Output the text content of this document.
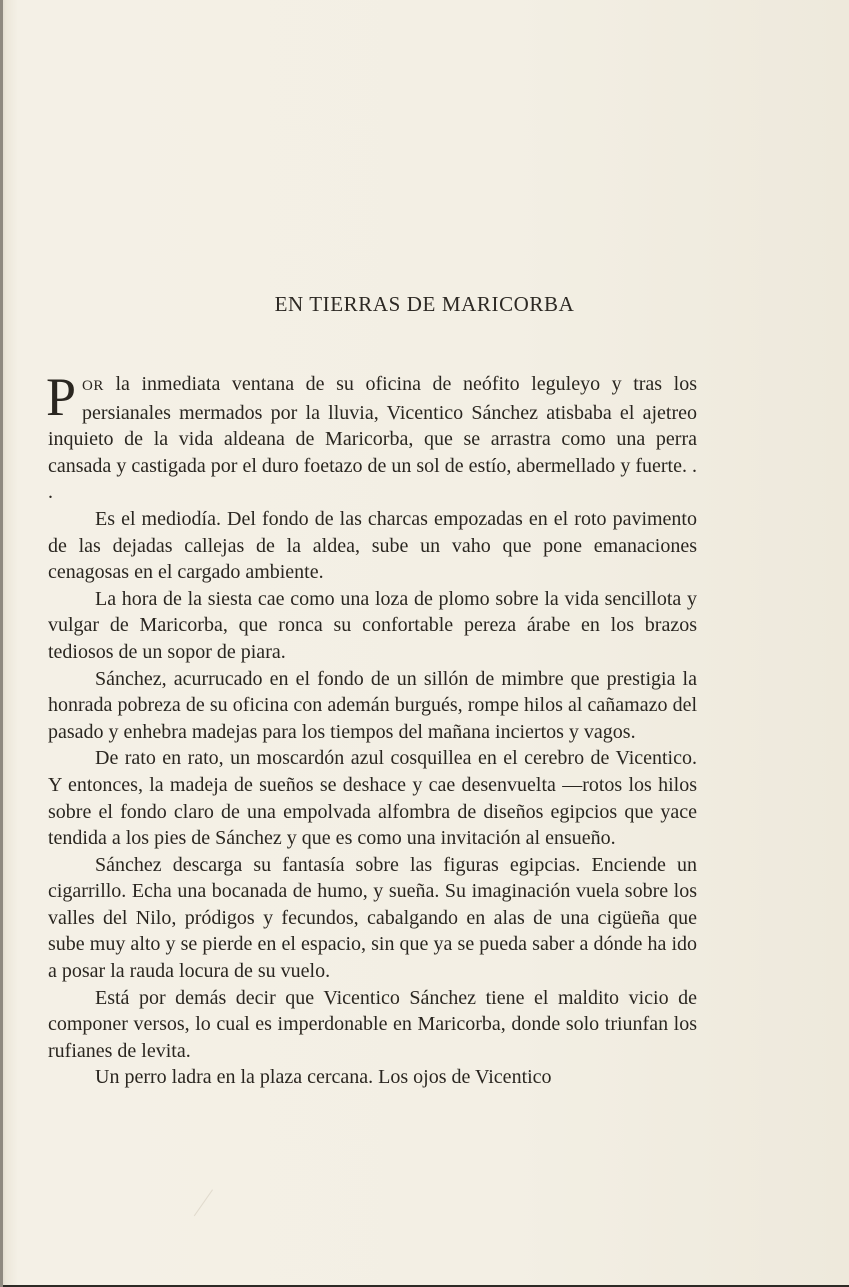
EN TIERRAS DE MARICORBA

POR la inmediata ventana de su oficina de neófito leguleyo y tras los persianales mermados por la lluvia, Vicentico Sánchez atisbaba el ajetreo inquieto de la vida aldeana de Maricorba, que se arrastra como una perra cansada y castigada por el duro foetazo de un sol de estío, abermellado y fuerte. . .

Es el mediodía. Del fondo de las charcas empozadas en el roto pavimento de las dejadas callejas de la aldea, sube un vaho que pone emanaciones cenagosas en el cargado ambiente.

La hora de la siesta cae como una loza de plomo sobre la vida sencillota y vulgar de Maricorba, que ronca su confortable pereza árabe en los brazos tediosos de un sopor de piara.

Sánchez, acurrucado en el fondo de un sillón de mimbre que prestigia la honrada pobreza de su oficina con ademán burgués, rompe hilos al cañamazo del pasado y enhebra madejas para los tiempos del mañana inciertos y vagos.

De rato en rato, un moscardón azul cosquillea en el cerebro de Vicentico. Y entonces, la madeja de sueños se deshace y cae desenvuelta —rotos los hilos sobre el fondo claro de una empolvada alfombra de diseños egipcios que yace tendida a los pies de Sánchez y que es como una invitación al ensueño.

Sánchez descarga su fantasía sobre las figuras egipcias. Enciende un cigarrillo. Echa una bocanada de humo, y sueña. Su imaginación vuela sobre los valles del Nilo, pródigos y fecundos, cabalgando en alas de una cigüeña que sube muy alto y se pierde en el espacio, sin que ya se pueda saber a dónde ha ido a posar la rauda locura de su vuelo.

Está por demás decir que Vicentico Sánchez tiene el maldito vicio de componer versos, lo cual es imperdonable en Maricorba, donde solo triunfan los rufianes de levita.

Un perro ladra en la plaza cercana. Los ojos de Vicentico
